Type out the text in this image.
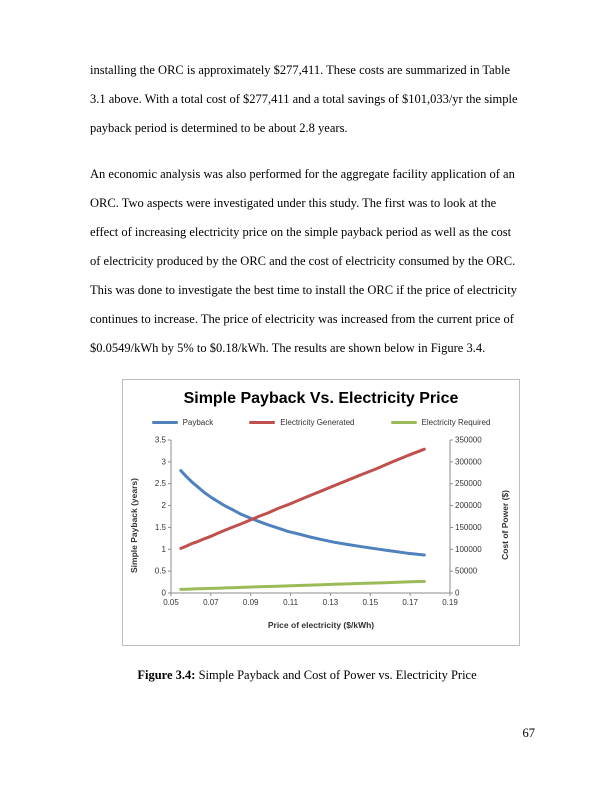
installing the ORC is approximately $277,411. These costs are summarized in Table 3.1 above. With a total cost of $277,411 and a total savings of $101,033/yr the simple payback period is determined to be about 2.8 years.

An economic analysis was also performed for the aggregate facility application of an ORC. Two aspects were investigated under this study. The first was to look at the effect of increasing electricity price on the simple payback period as well as the cost of electricity produced by the ORC and the cost of electricity consumed by the ORC. This was done to investigate the best time to install the ORC if the price of electricity continues to increase. The price of electricity was increased from the current price of $0.0549/kWh by 5% to $0.18/kWh. The results are shown below in Figure 3.4.

Simple Payback Vs. Electricity Price
Payback	Electricity Generated	Electricity Required
Simple Payback (years)
0
0.5
1
1.5
2
2.5
3
3.5
0
50000
100000
150000
200000
250000
300000
350000
0.05	0.07	0.09	0.11	0.13	0.15	0.17	0.19
Cost of Power ($)
Price of electricity ($/kWh)

Figure 3.4: Simple Payback and Cost of Power vs. Electricity Price

67
